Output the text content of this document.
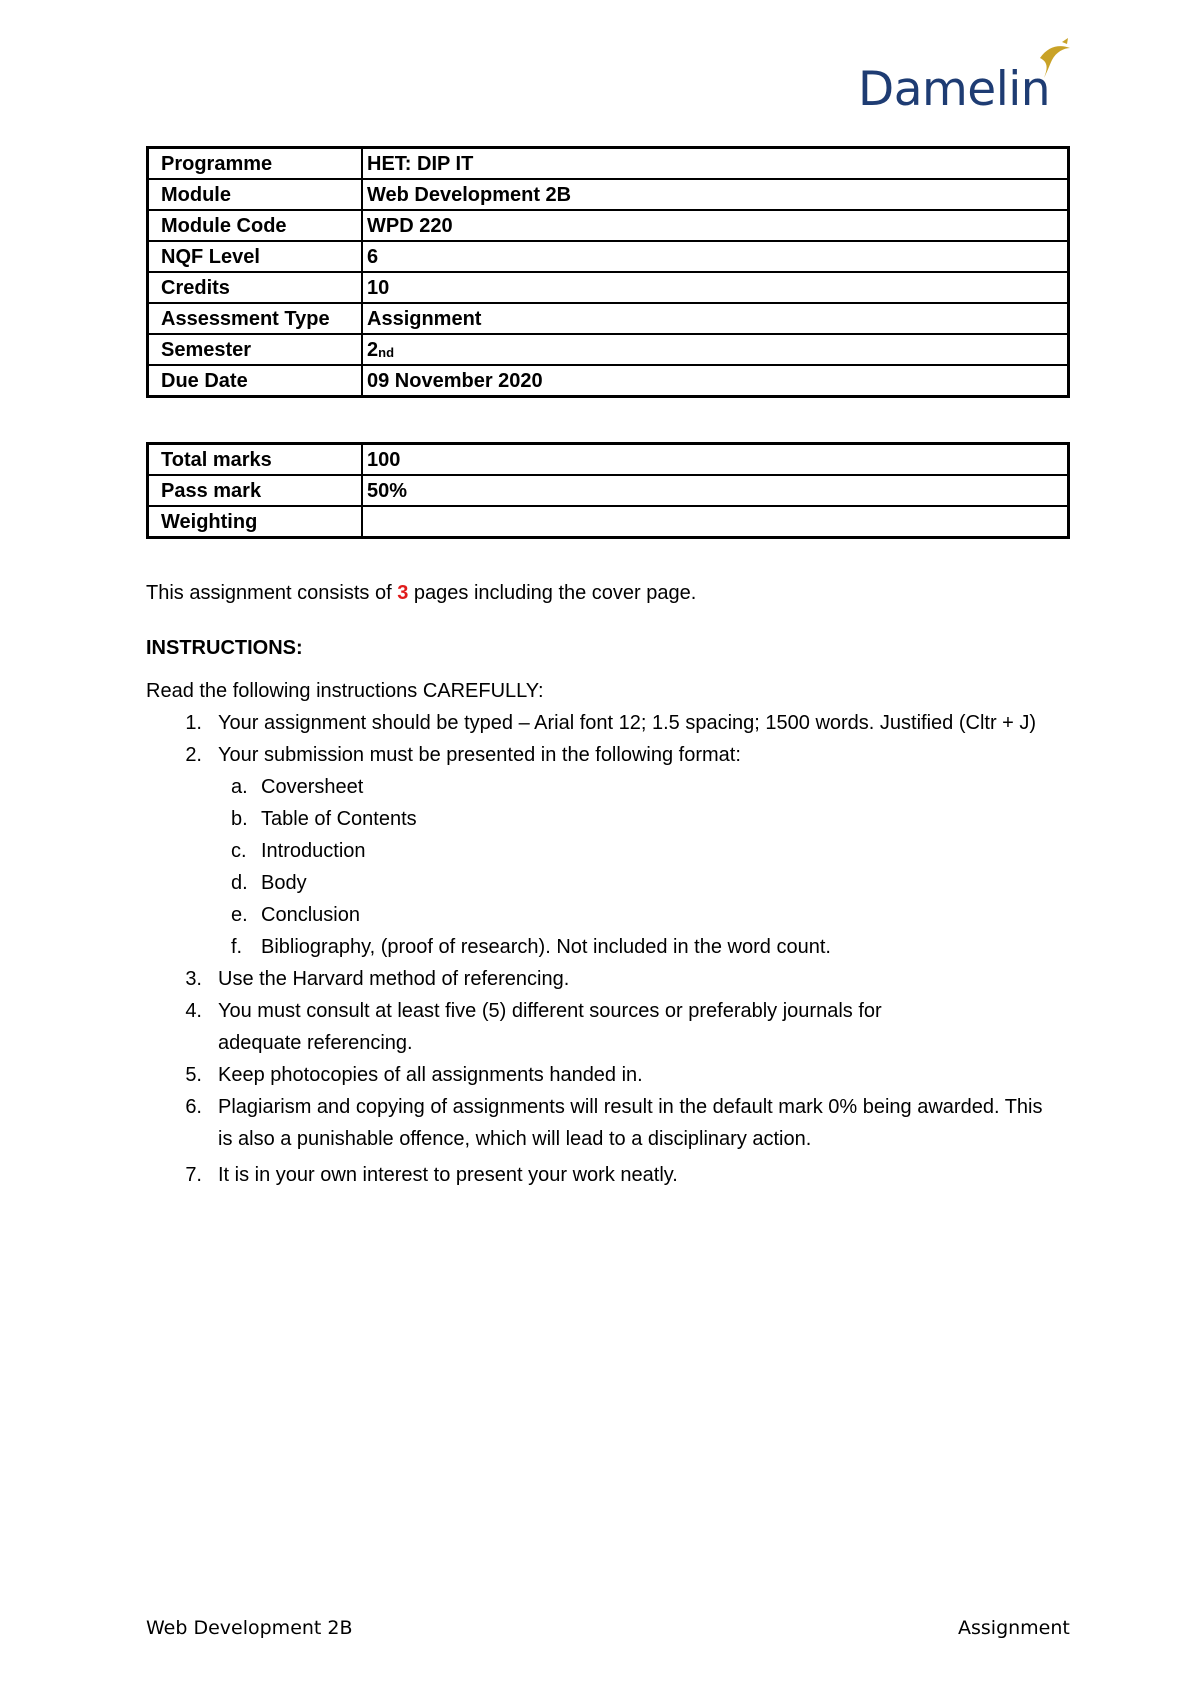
Damelin
Programme	HET: DIP IT
Module	Web Development 2B
Module Code	WPD 220
NQF Level	6
Credits	10
Assessment Type	Assignment
Semester	$2_{nd}$
Due Date	09 November 2020
Total marks	100
Pass mark	50%
Weighting	
This assignment consists of 3 pages including the cover page.
INSTRUCTIONS:
Read the following instructions CAREFULLY:
1. Your assignment should be typed – Arial font 12; 1.5 spacing; 1500 words. Justified (Cltr + J)
2. Your submission must be presented in the following format:
a. Coversheet
b. Table of Contents
c. Introduction
d. Body
e. Conclusion
f. Bibliography, (proof of research). Not included in the word count.
3. Use the Harvard method of referencing.
4. You must consult at least five (5) different sources or preferably journals for
adequate referencing.
5. Keep photocopies of all assignments handed in.
6. Plagiarism and copying of assignments will result in the default mark 0% being awarded. This
is also a punishable offence, which will lead to a disciplinary action.
7. It is in your own interest to present your work neatly.
Web Development 2B	Assignment
